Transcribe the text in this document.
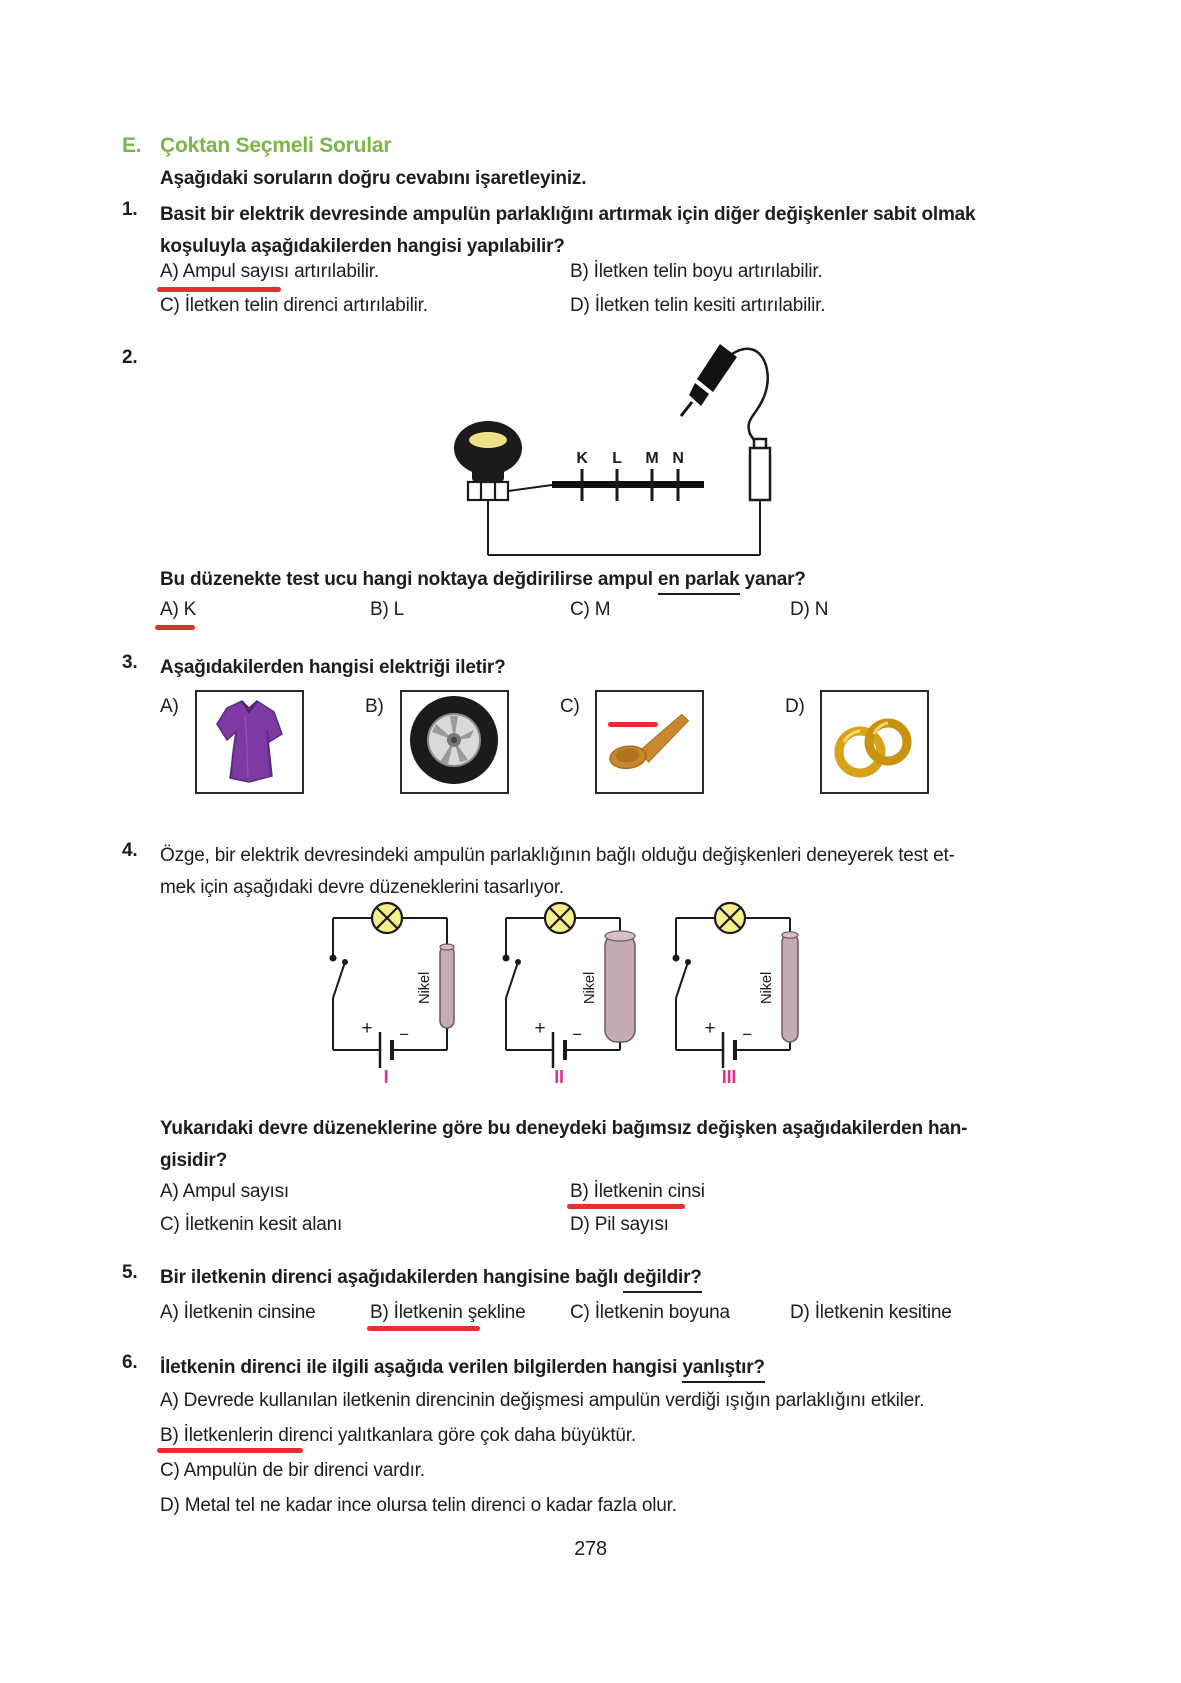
E. Çoktan Seçmeli Sorular
Aşağıdaki soruların doğru cevabını işaretleyiniz.
1. Basit bir elektrik devresinde ampulün parlaklığını artırmak için diğer değişkenler sabit olmak
koşuluyla aşağıdakilerden hangisi yapılabilir?
A) Ampul sayısı artırılabilir.	B) İletken telin boyu artırılabilir.
C) İletken telin direnci artırılabilir.	D) İletken telin kesiti artırılabilir.
2.
K L M N
Bu düzenekte test ucu hangi noktaya değdirilirse ampul en parlak yanar?
A) K	B) L	C) M	D) N
3. Aşağıdakilerden hangisi elektriği iletir?
A)	B)	C)	D)
4. Özge, bir elektrik devresindeki ampulün parlaklığının bağlı olduğu değişkenleri deneyerek test et-
mek için aşağıdaki devre düzeneklerini tasarlıyor.
Nikel
+ −
I
Nikel
+ −
II
Nikel
+ −
III
Yukarıdaki devre düzeneklerine göre bu deneydeki bağımsız değişken aşağıdakilerden han-
gisidir?
A) Ampul sayısı	B) İletkenin cinsi
C) İletkenin kesit alanı	D) Pil sayısı
5. Bir iletkenin direnci aşağıdakilerden hangisine bağlı değildir?
A) İletkenin cinsine	B) İletkenin şekline C) İletkenin boyuna	D) İletkenin kesitine
6. İletkenin direnci ile ilgili aşağıda verilen bilgilerden hangisi yanlıştır?
A) Devrede kullanılan iletkenin direncinin değişmesi ampulün verdiği ışığın parlaklığını etkiler.
B) İletkenlerin direnci yalıtkanlara göre çok daha büyüktür.
C) Ampulün de bir direnci vardır.
D) Metal tel ne kadar ince olursa telin direnci o kadar fazla olur.
278
